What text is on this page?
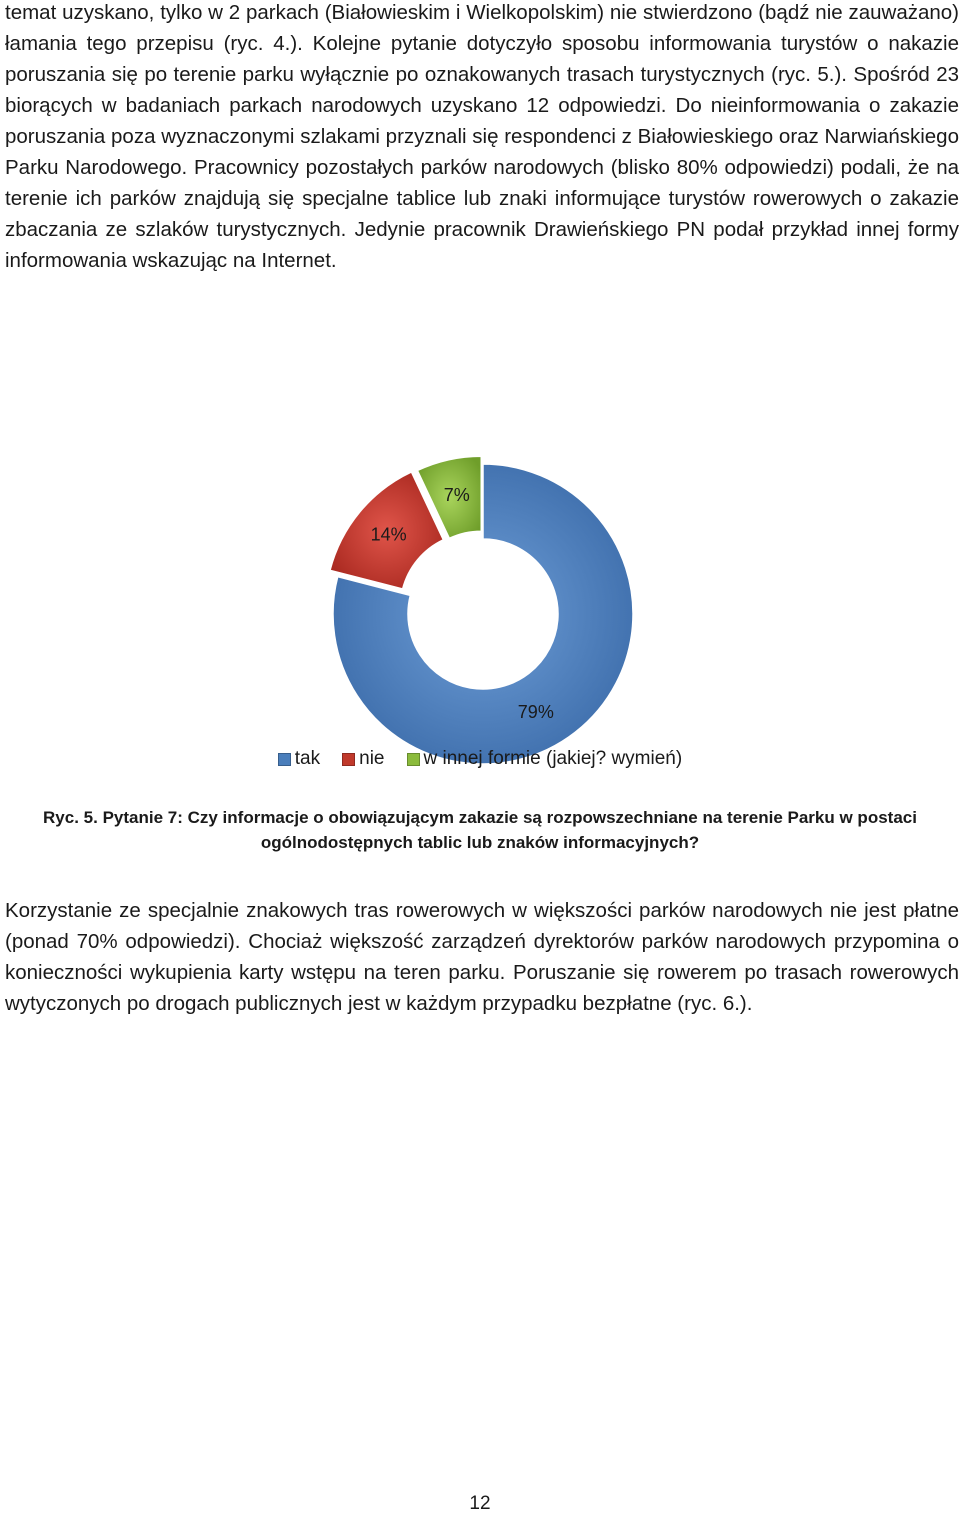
temat uzyskano, tylko w 2 parkach (Białowieskim i Wielkopolskim) nie stwierdzono (bądź nie zauważano) łamania tego przepisu (ryc. 4.). Kolejne pytanie dotyczyło sposobu informowania turystów o nakazie poruszania się po terenie parku wyłącznie po oznakowanych trasach turystycznych (ryc. 5.). Spośród 23 biorących w badaniach parkach narodowych uzyskano 12 odpowiedzi. Do nieinformowania o zakazie poruszania poza wyznaczonymi szlakami przyznali się respondenci z Białowieskiego oraz Narwiańskiego Parku Narodowego. Pracownicy pozostałych parków narodowych (blisko 80% odpowiedzi) podali, że na terenie ich parków znajdują się specjalne tablice lub znaki informujące turystów rowerowych o zakazie zbaczania ze szlaków turystycznych. Jedynie pracownik Drawieńskiego PN podał przykład innej formy informowania wskazując na Internet.

79%
14%
7%
tak nie w innej formie (jakiej? wymień)
Ryc. 5. Pytanie 7: Czy informacje o obowiązującym zakazie są rozpowszechniane na terenie Parku w postaci
ogólnodostępnych tablic lub znaków informacyjnych?

Korzystanie ze specjalnie znakowych tras rowerowych w większości parków narodowych nie jest płatne (ponad 70% odpowiedzi). Chociaż większość zarządzeń dyrektorów parków narodowych przypomina o konieczności wykupienia karty wstępu na teren parku. Poruszanie się rowerem po trasach rowerowych wytyczonych po drogach publicznych jest w każdym przypadku bezpłatne (ryc. 6.).

12
